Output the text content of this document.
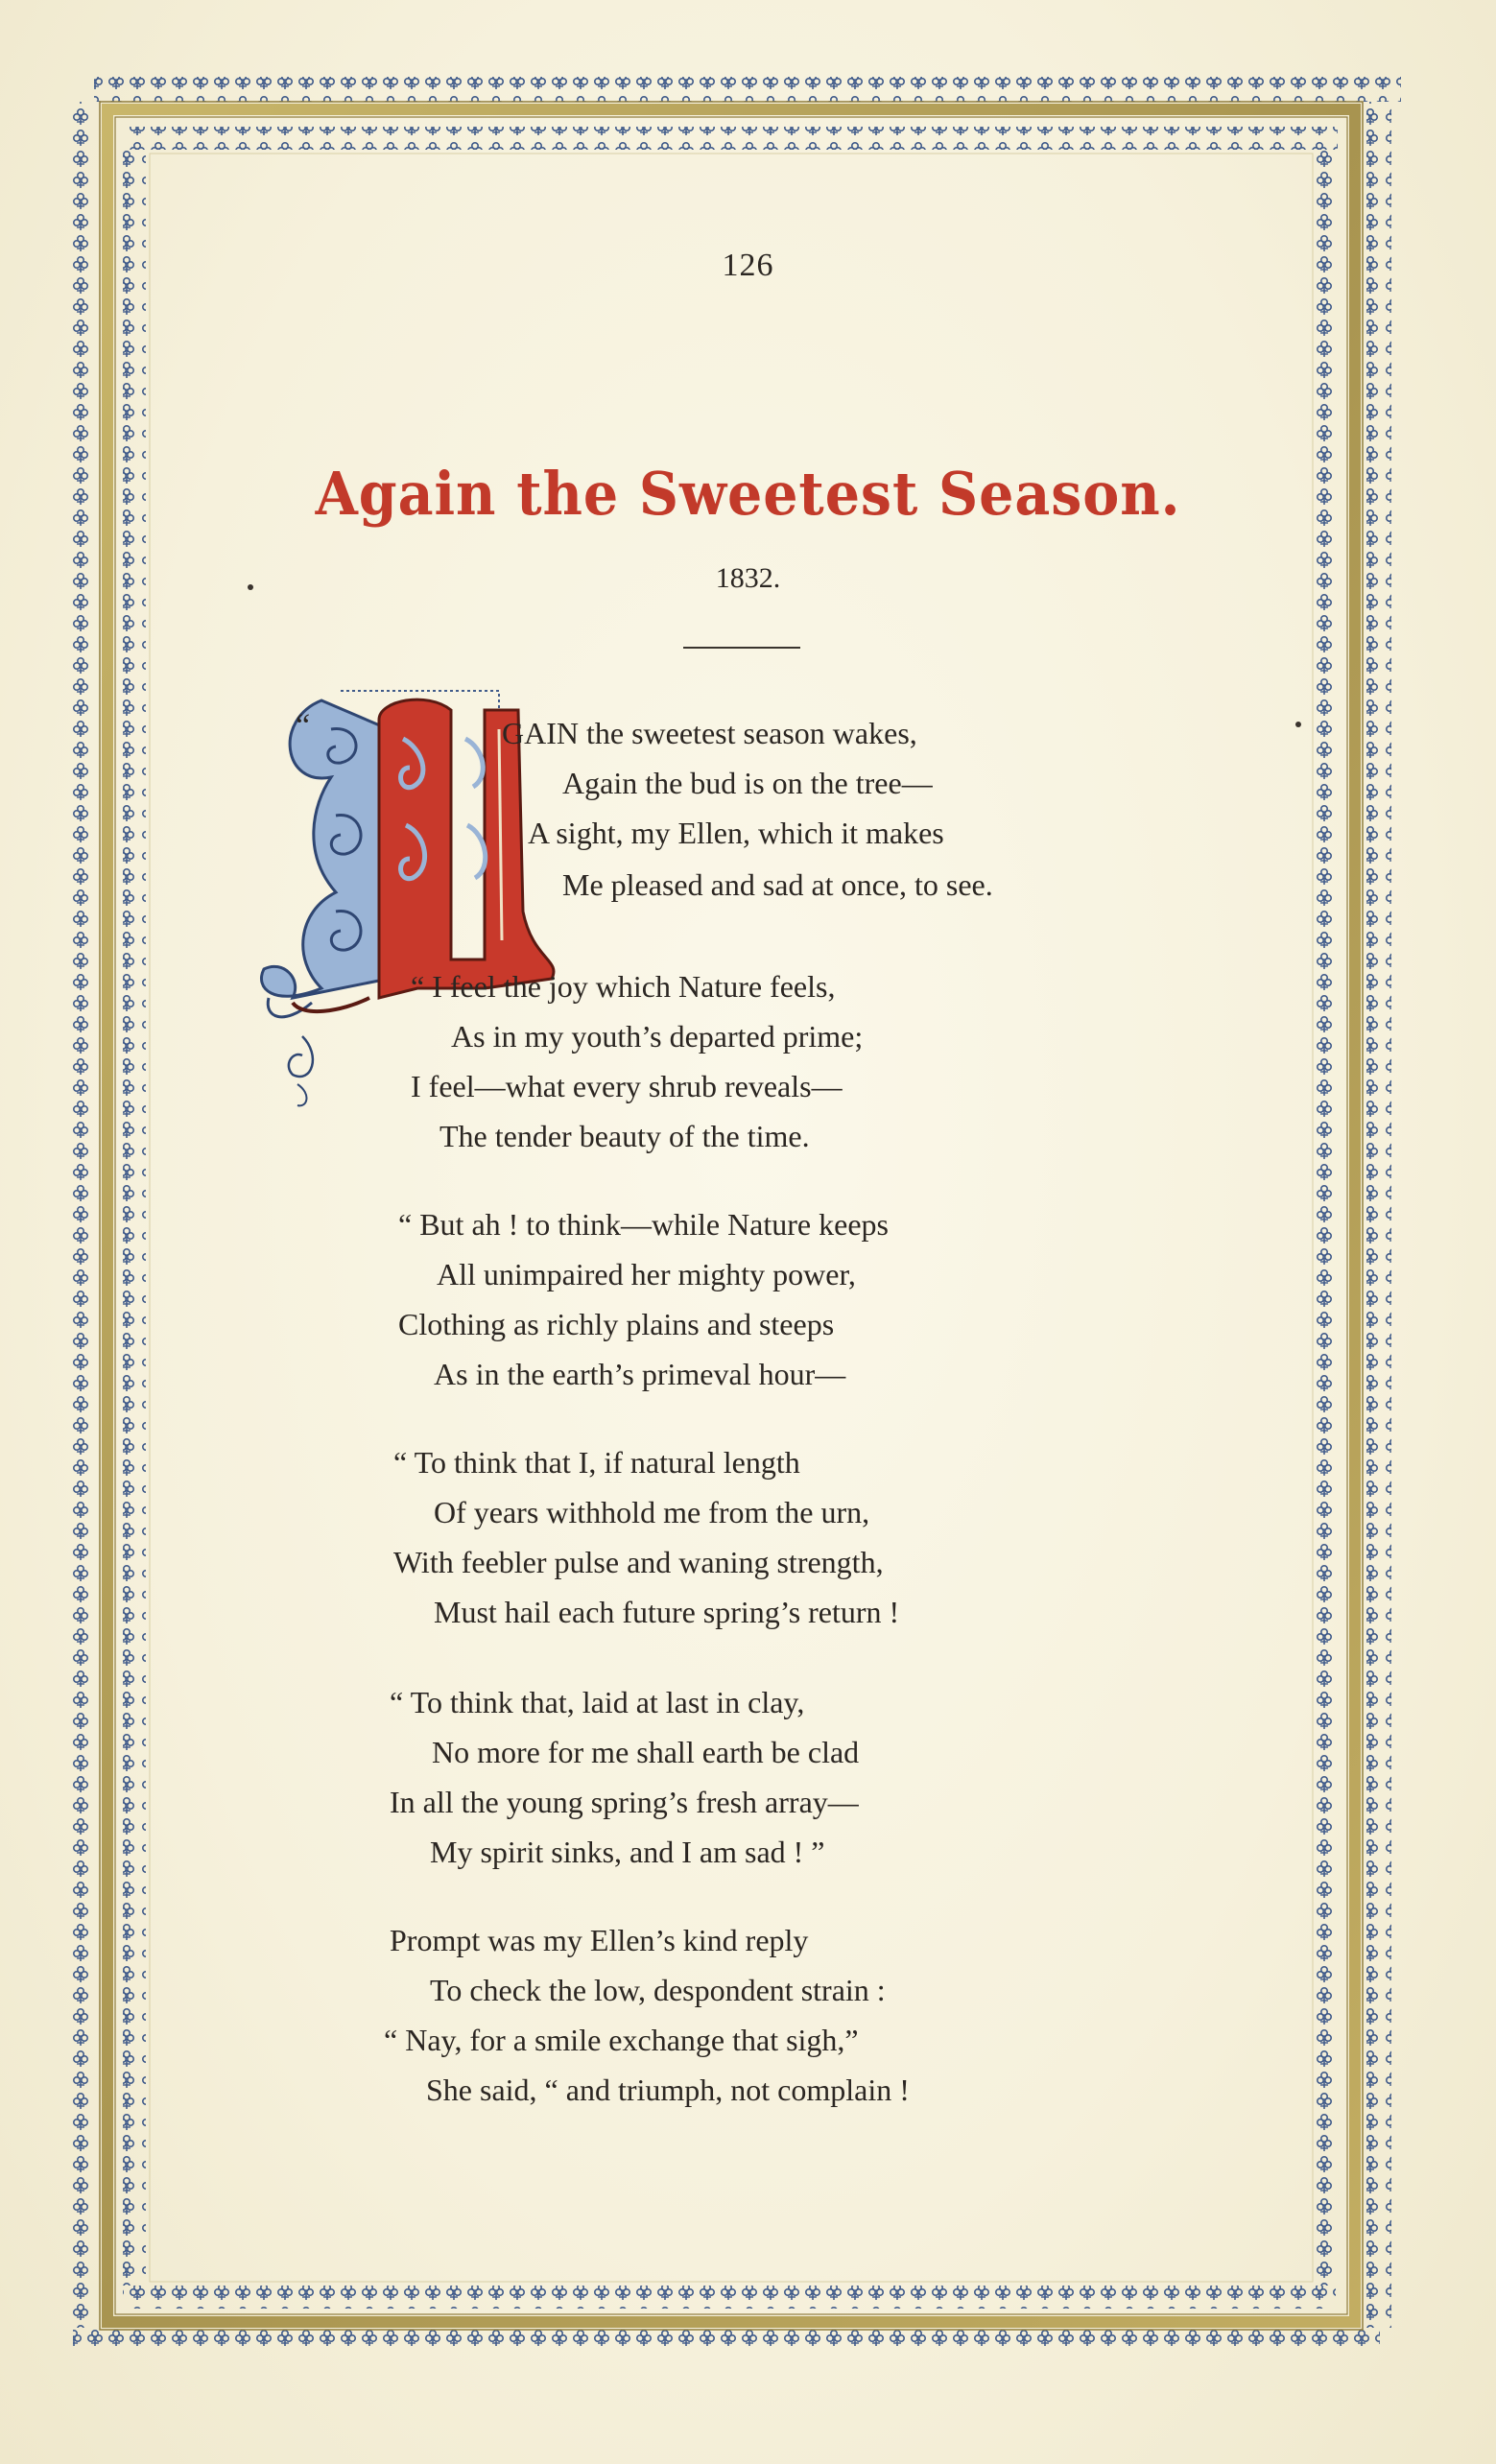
126
Again the Sweetest Season.
1832.
“	GAIN the sweetest season wakes,
Again the bud is on the tree—
A sight, my Ellen, which it makes
Me pleased and sad at once, to see.
“ I feel the joy which Nature feels,
As in my youth’s departed prime;
I feel—what every shrub reveals—
The tender beauty of the time.
“ But ah ! to think—while Nature keeps
All unimpaired her mighty power,
Clothing as richly plains and steeps
As in the earth’s primeval hour—
“ To think that I, if natural length
Of years withhold me from the urn,
With feebler pulse and waning strength,
Must hail each future spring’s return !
“ To think that, laid at last in clay,
No more for me shall earth be clad
In all the young spring’s fresh array—
My spirit sinks, and I am sad ! ”
Prompt was my Ellen’s kind reply
To check the low, despondent strain :
“ Nay, for a smile exchange that sigh,”
She said, “ and triumph, not complain !
